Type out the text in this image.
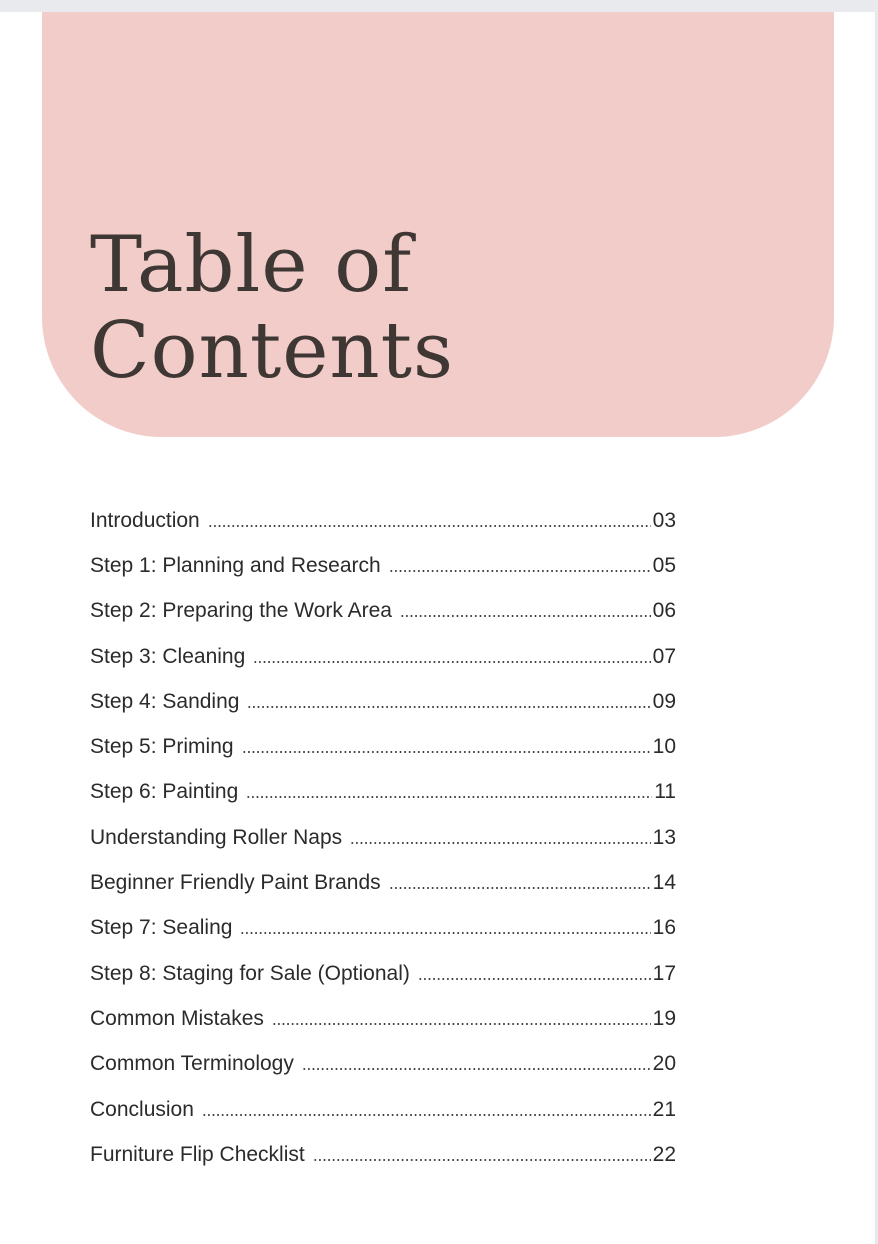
Table of
Contents
Introduction	03
Step 1: Planning and Research	05
Step 2: Preparing the Work Area	06
Step 3: Cleaning	07
Step 4: Sanding	09
Step 5: Priming	10
Step 6: Painting	11
Understanding Roller Naps	13
Beginner Friendly Paint Brands	14
Step 7: Sealing	16
Step 8: Staging for Sale (Optional)	17
Common Mistakes	19
Common Terminology	20
Conclusion	21
Furniture Flip Checklist	22
